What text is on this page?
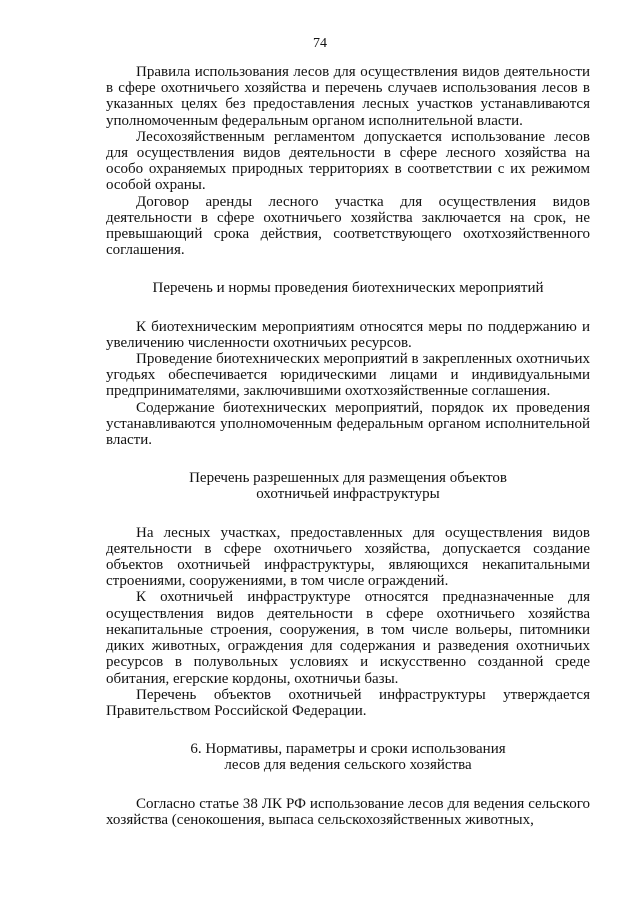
74

Правила использования лесов для осуществления видов деятельности в сфере охотничьего хозяйства и перечень случаев использования лесов в указанных целях без предоставления лесных участков устанавливаются уполномоченным федеральным органом исполнительной власти.

Лесохозяйственным регламентом допускается использование лесов для осуществления видов деятельности в сфере лесного хозяйства на особо охраняемых природных территориях в соответствии с их режимом особой охраны.

Договор аренды лесного участка для осуществления видов деятельности в сфере охотничьего хозяйства заключается на срок, не превышающий срока действия, соответствующего охотхозяйственного соглашения.

Перечень и нормы проведения биотехнических мероприятий

К биотехническим мероприятиям относятся меры по поддержанию и увеличению численности охотничьих ресурсов.

Проведение биотехнических мероприятий в закрепленных охотничьих угодьях обеспечивается юридическими лицами и индивидуальными предпринимателями, заключившими охотхозяйственные соглашения.

Содержание биотехнических мероприятий, порядок их проведения устанавливаются уполномоченным федеральным органом исполнительной власти.

Перечень разрешенных для размещения объектов
охотничьей инфраструктуры

На лесных участках, предоставленных для осуществления видов деятельности в сфере охотничьего хозяйства, допускается создание объектов охотничьей инфраструктуры, являющихся некапитальными строениями, сооружениями, в том числе ограждений.

К охотничьей инфраструктуре относятся предназначенные для осуществления видов деятельности в сфере охотничьего хозяйства некапитальные строения, сооружения, в том числе вольеры, питомники диких животных, ограждения для содержания и разведения охотничьих ресурсов в полувольных условиях и искусственно созданной среде обитания, егерские кордоны, охотничьи базы.

Перечень объектов охотничьей инфраструктуры утверждается Правительством Российской Федерации.

6. Нормативы, параметры и сроки использования
лесов для ведения сельского хозяйства

Согласно статье 38 ЛК РФ использование лесов для ведения сельского хозяйства (сенокошения, выпаса сельскохозяйственных животных,
